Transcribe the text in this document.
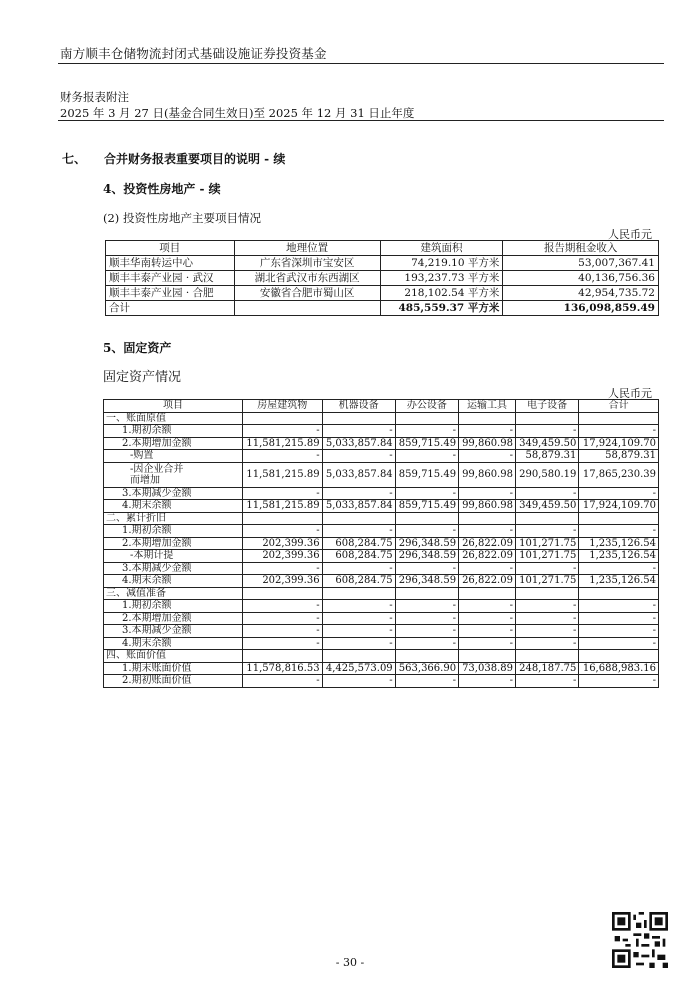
南方顺丰仓储物流封闭式基础设施证券投资基金
财务报表附注
2025 年 3 月 27 日(基金合同生效日)至 2025 年 12 月 31 日止年度
七、 合并财务报表重要项目的说明 - 续
4、投资性房地产 - 续
(2) 投资性房地产主要项目情况
人民币元
项目	地理位置	建筑面积	报告期租金收入
顺丰华南转运中心	广东省深圳市宝安区	74,219.10 平方米	53,007,367.41
顺丰丰泰产业园 · 武汉	湖北省武汉市东西湖区	193,237.73 平方米	40,136,756.36
顺丰丰泰产业园 · 合肥	安徽省合肥市蜀山区	218,102.54 平方米	42,954,735.72
合计		485,559.37 平方米	136,098,859.49
5、固定资产
固定资产情况
人民币元
项目	房屋建筑物	机器设备	办公设备	运输工具	电子设备	合计
一、账面原值						
1.期初余额	-	-	-	-	-	-
2.本期增加金额	11,581,215.89	5,033,857.84	859,715.49	99,860.98	349,459.50	17,924,109.70
-购置	-	-	-	-	58,879.31	58,879.31
-因企业合并
而增加	11,581,215.89	5,033,857.84	859,715.49	99,860.98	290,580.19	17,865,230.39
3.本期减少金额	-	-	-	-	-	-
4.期末余额	11,581,215.89	5,033,857.84	859,715.49	99,860.98	349,459.50	17,924,109.70
二、累计折旧						
1.期初余额	-	-	-	-	-	-
2.本期增加金额	202,399.36	608,284.75	296,348.59	26,822.09	101,271.75	1,235,126.54
-本期计提	202,399.36	608,284.75	296,348.59	26,822.09	101,271.75	1,235,126.54
3.本期减少金额	-	-	-	-	-	-
4.期末余额	202,399.36	608,284.75	296,348.59	26,822.09	101,271.75	1,235,126.54
三、减值准备						
1.期初余额	-	-	-	-	-	-
2.本期增加金额	-	-	-	-	-	-
3.本期减少金额	-	-	-	-	-	-
4.期末余额	-	-	-	-	-	-
四、账面价值						
1.期末账面价值	11,578,816.53	4,425,573.09	563,366.90	73,038.89	248,187.75	16,688,983.16
2.期初账面价值	-	-	-	-	-	-
- 30 -
